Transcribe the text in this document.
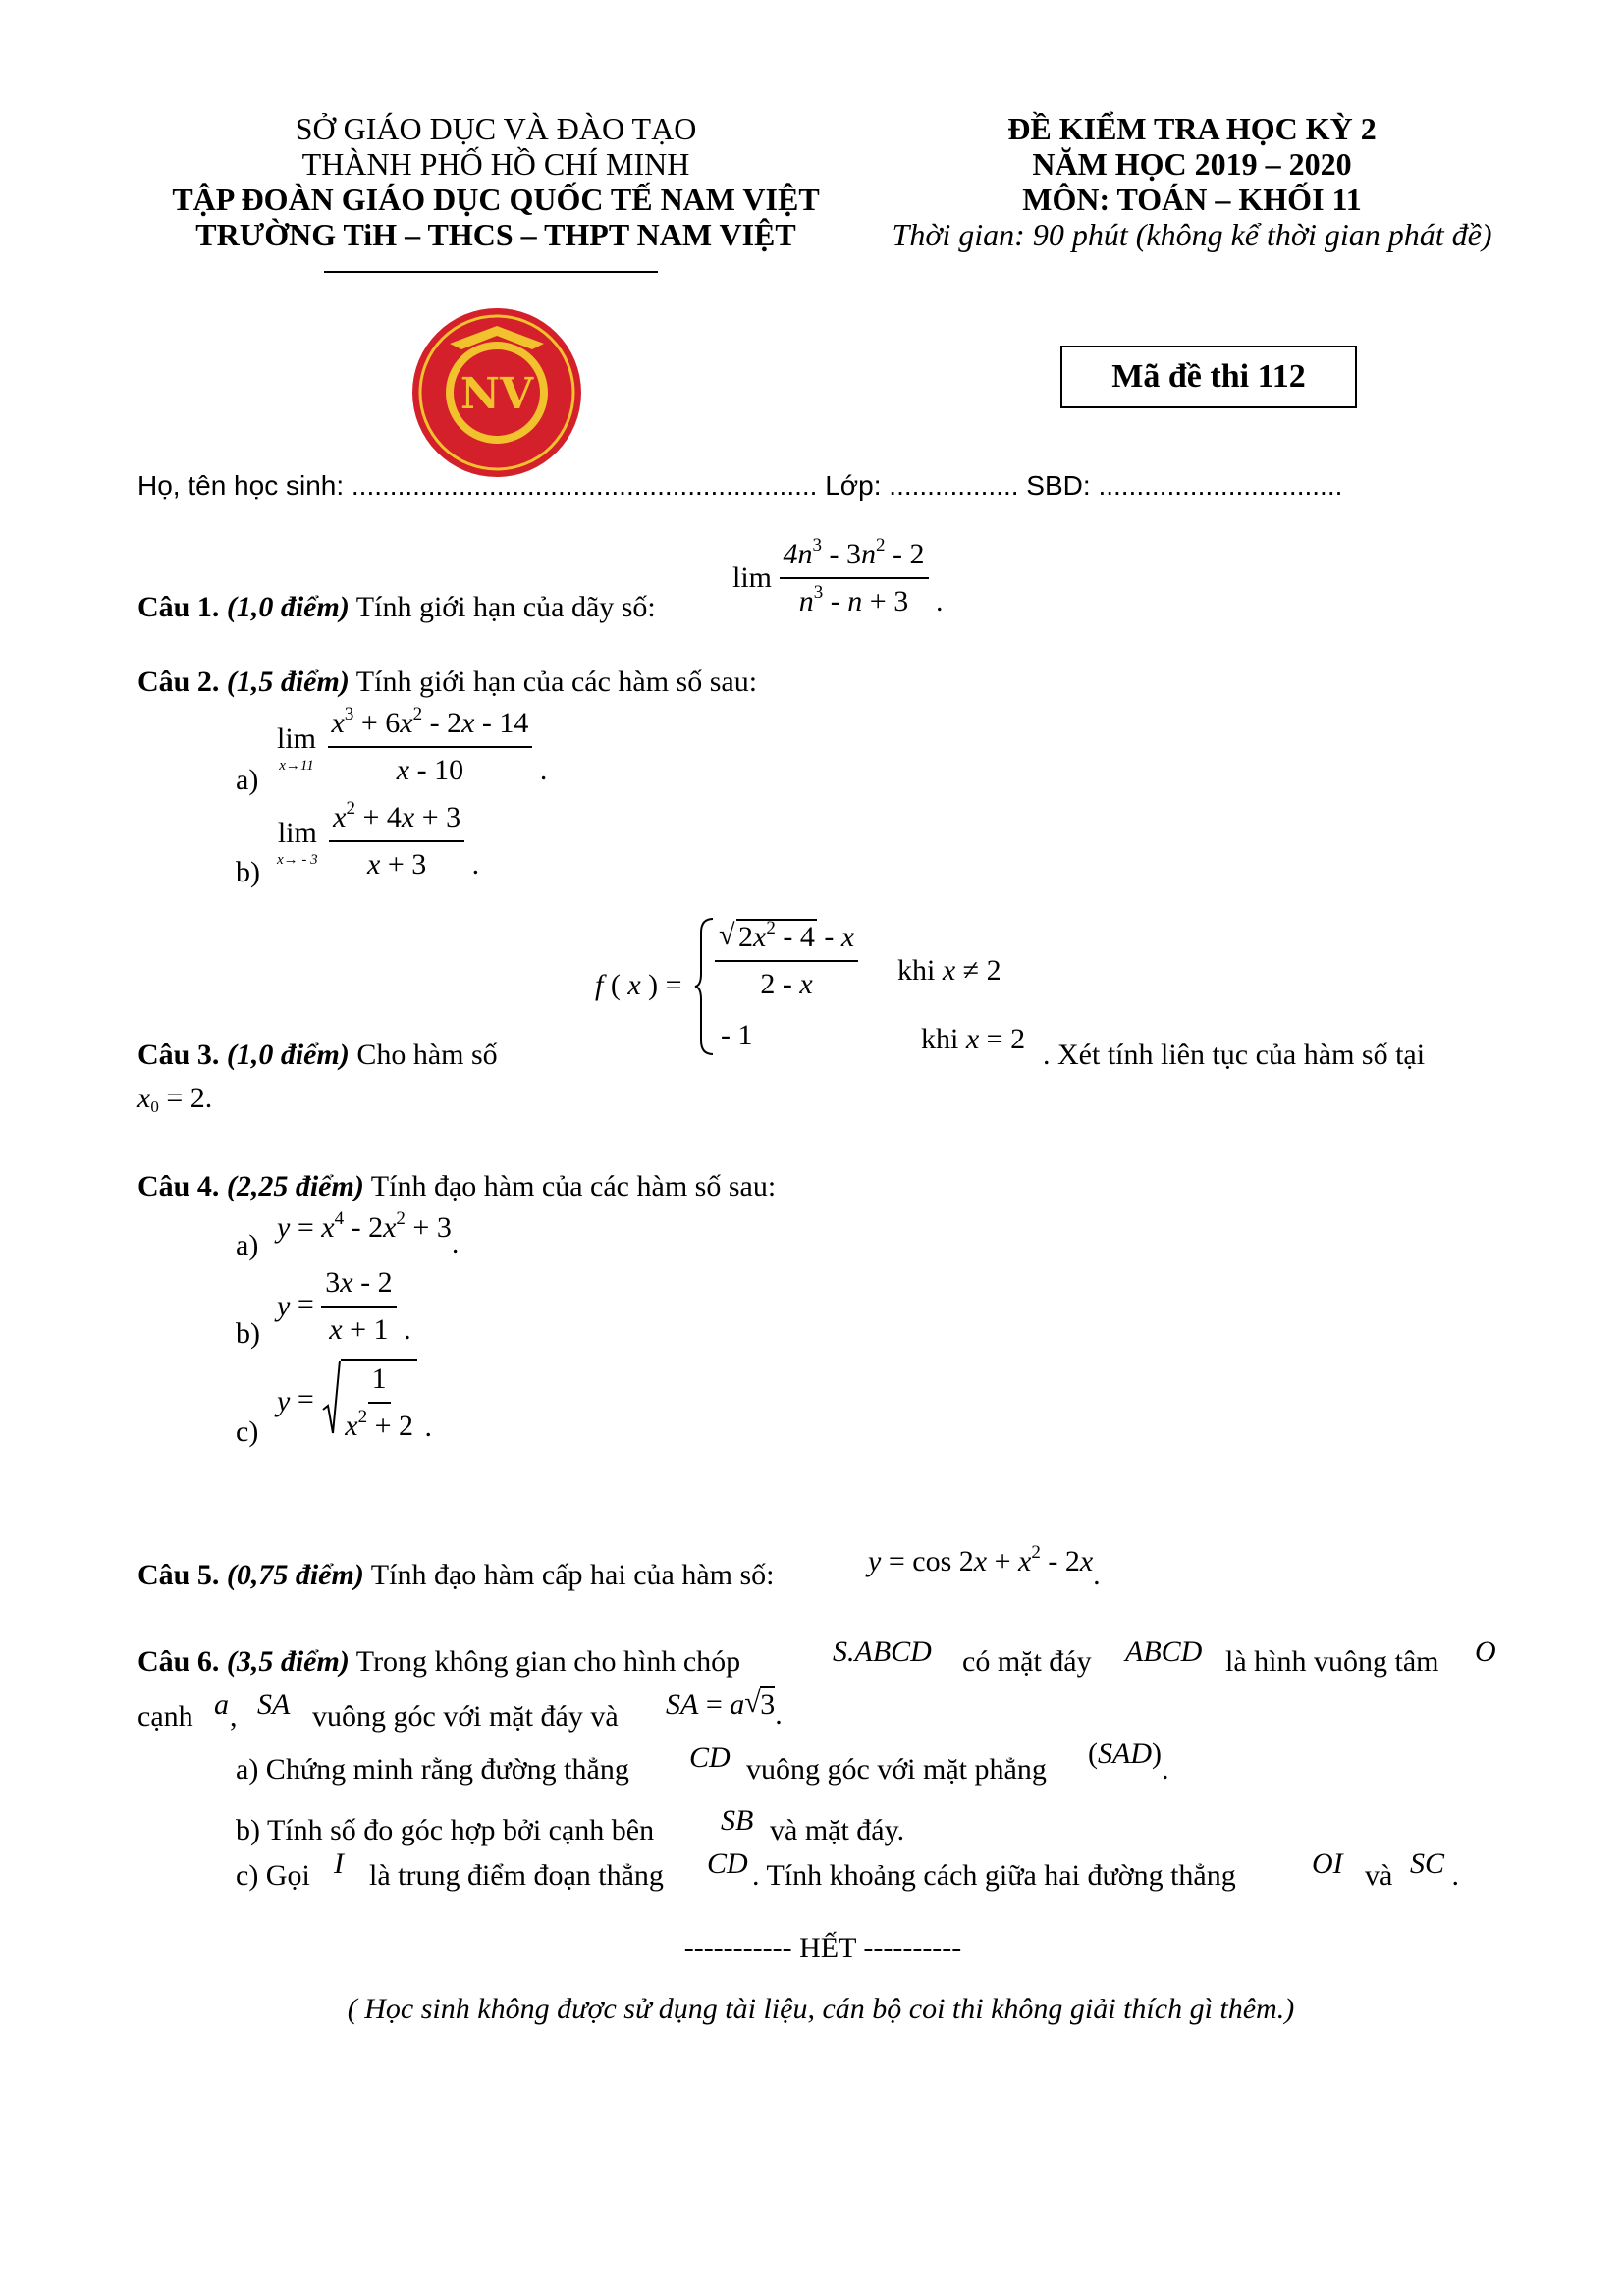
SỞ GIÁO DỤC VÀ ĐÀO TẠO
THÀNH PHỐ HỒ CHÍ MINH
TẬP ĐOÀN GIÁO DỤC QUỐC TẾ NAM VIỆT
TRƯỜNG TiH – THCS – THPT NAM VIỆT
NV
ĐỀ KIỂM TRA HỌC KỲ 2
NĂM HỌC 2019 – 2020
MÔN: TOÁN – KHỐI 11
Thời gian: 90 phút (không kể thời gian phát đề)
Mã đề thi 112
Họ, tên học sinh: ............................................................. Lớp: ................. SBD: ................................
Câu 1. (1,0 điểm) Tính giới hạn của dãy số:
$\lim \frac{4n^3 - 3n^2 - 2}{n^3 - n + 3}$ .
Câu 2. (1,5 điểm) Tính giới hạn của các hàm số sau:
a)
lim
x→11
$\frac{x^3 + 6x^2 - 2x - 14}{x - 10}$ .
b)
lim
x→ - 3
$\frac{x^2 + 4x + 3}{x + 3}$ .
f ( x ) = $\frac{√ 2x^2 - 4 - x}{2 - x}$ khi x ≠ 2
- 1	khi x = 2
Câu 3. (1,0 điểm) Cho hàm số	. Xét tính liên tục của hàm số tại
$x_0 = 2$.
Câu 4. (2,25 điểm) Tính đạo hàm của các hàm số sau:
a)
$y = x^4 - 2x^2 + 3$.
b)
$y = \frac{3x - 2}{x + 1}$ .
c)
$y = \frac{1}{x^2 + 2}$ .
Câu 5. (0,75 điểm) Tính đạo hàm cấp hai của hàm số:	$y = \cos 2x + x^2 - 2x$.
Câu 6. (3,5 điểm) Trong không gian cho hình chóp	S.ABCD có mặt đáy ABCD là hình vuông tâm O
cạnh a , SA vuông góc với mặt đáy và SA = a √ 3.
a) Chứng minh rằng đường thẳng CD vuông góc với mặt phẳng (SAD).
b) Tính số đo góc hợp bởi cạnh bên SB và mặt đáy.
c) Gọi I là trung điểm đoạn thẳng CD . Tính khoảng cách giữa hai đường thẳng	OI và SC .
----------- HẾT ----------
( Học sinh không được sử dụng tài liệu, cán bộ coi thi không giải thích gì thêm.)
